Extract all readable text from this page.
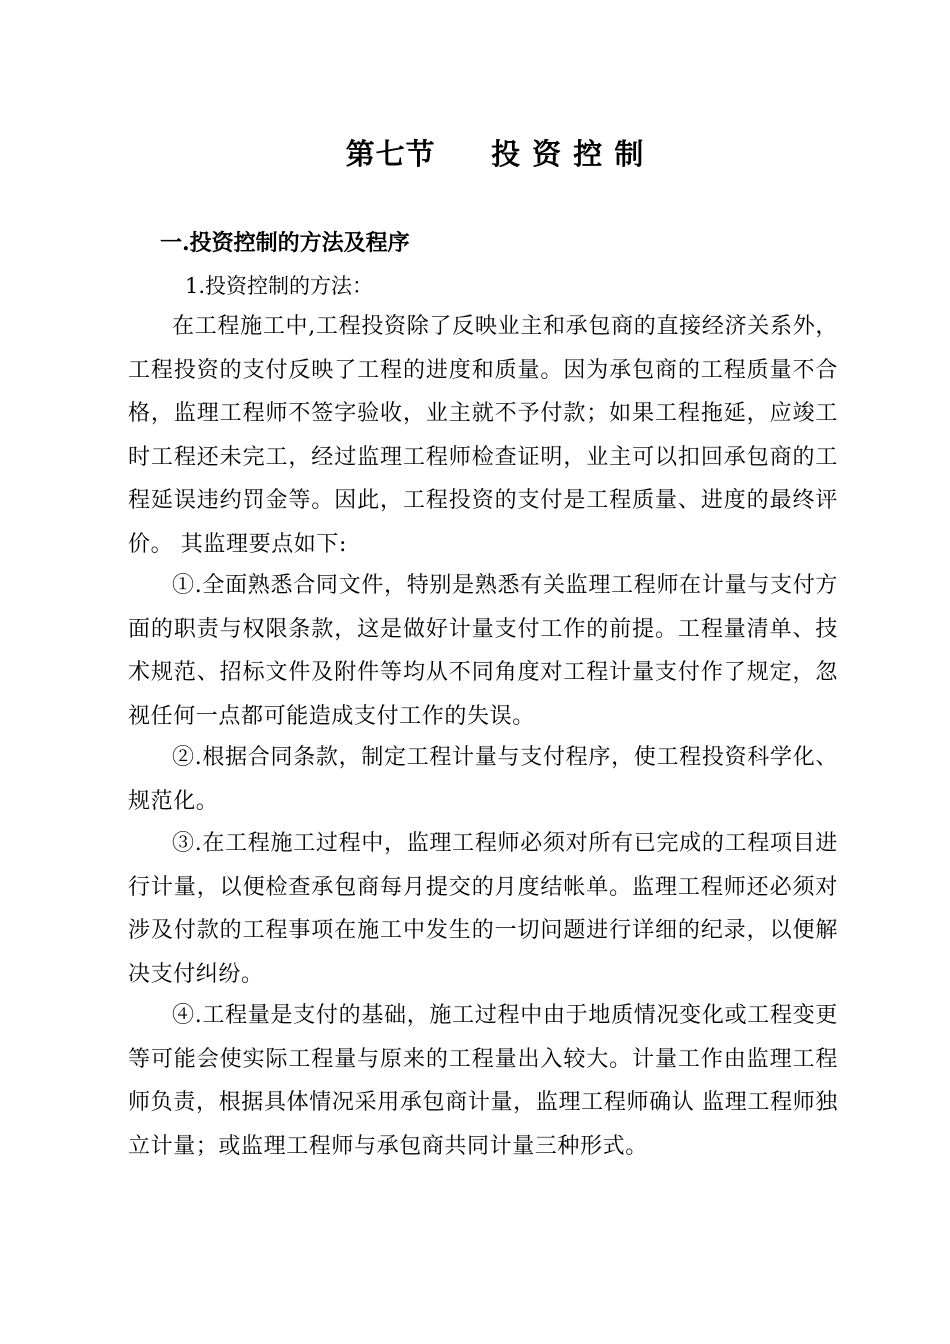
第七节     投 资 控 制
一.投资控制的方法及程序
1.投资控制的方法：
在工程施工中,工程投资除了反映业主和承包商的直接经济关系外，工程投资的支付反映了工程的进度和质量。因为承包商的工程质量不合格，监理工程师不签字验收，业主就不予付款；如果工程拖延，应竣工时工程还未完工，经过监理工程师检查证明，业主可以扣回承包商的工程延误违约罚金等。因此，工程投资的支付是工程质量、进度的最终评价。 其监理要点如下:
①.全面熟悉合同文件，特别是熟悉有关监理工程师在计量与支付方面的职责与权限条款，这是做好计量支付工作的前提。工程量清单、技术规范、招标文件及附件等均从不同角度对工程计量支付作了规定，忽视任何一点都可能造成支付工作的失误。
②.根据合同条款，制定工程计量与支付程序，使工程投资科学化、规范化。
③.在工程施工过程中，监理工程师必须对所有已完成的工程项目进行计量，以便检查承包商每月提交的月度结帐单。监理工程师还必须对涉及付款的工程事项在施工中发生的一切问题进行详细的纪录，以便解决支付纠纷。
④.工程量是支付的基础，施工过程中由于地质情况变化或工程变更等可能会使实际工程量与原来的工程量出入较大。计量工作由监理工程师负责，根据具体情况采用承包商计量，监理工程师确认 监理工程师独立计量；或监理工程师与承包商共同计量三种形式。
